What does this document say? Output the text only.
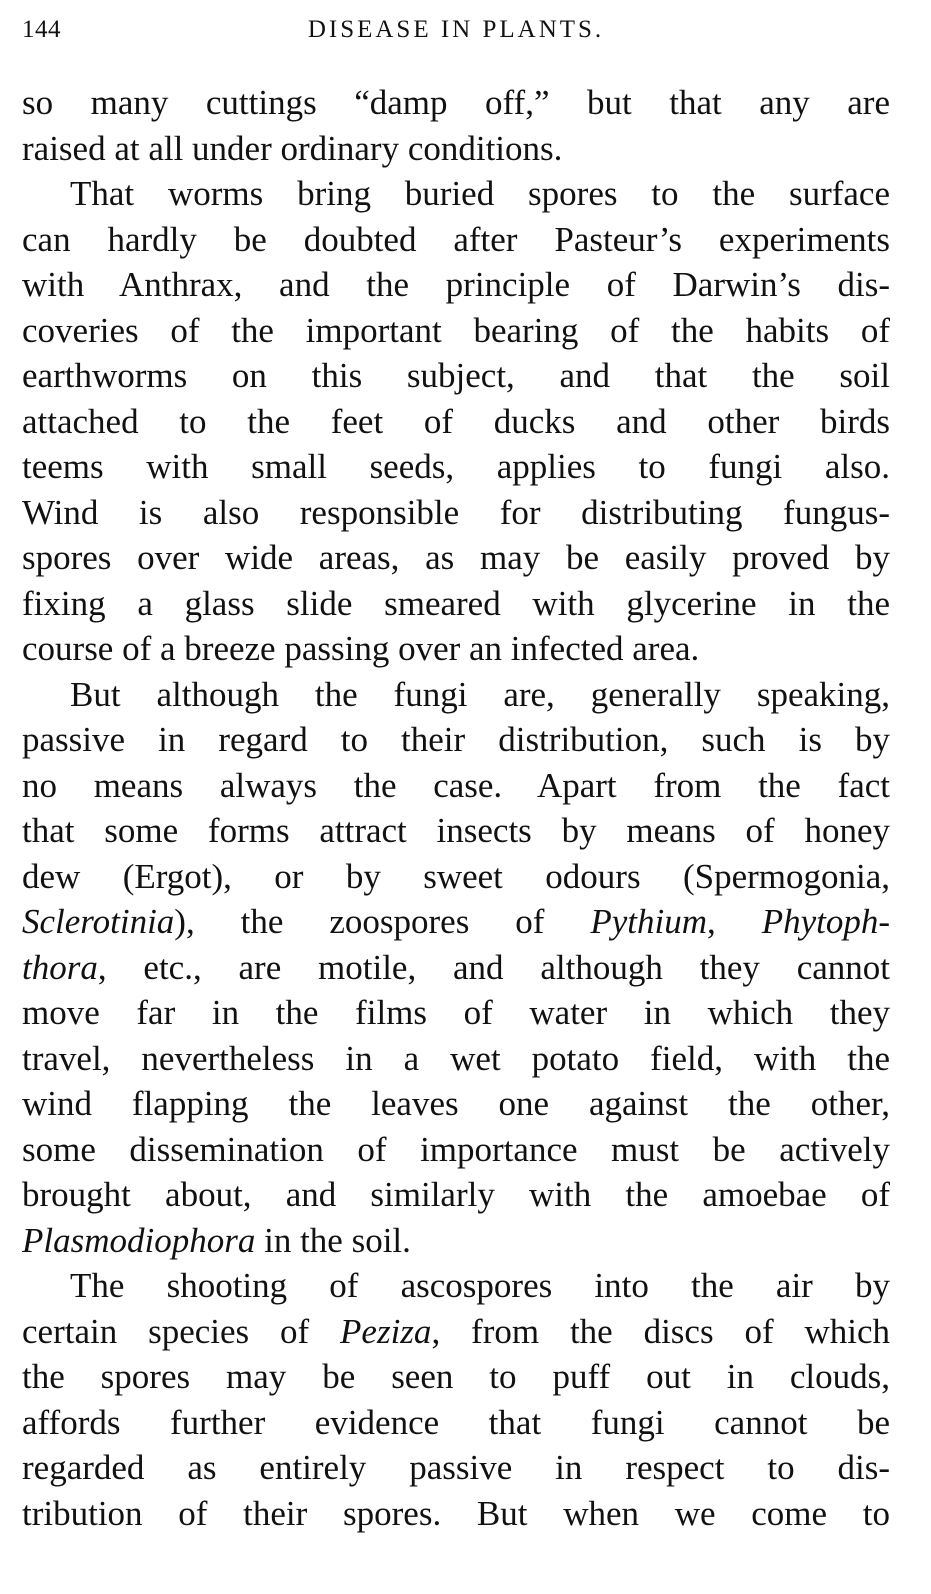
144	DISEASE IN PLANTS.
so many cuttings “damp off,” but that any are
raised at all under ordinary conditions.
That worms bring buried spores to the surface
can hardly be doubted after Pasteur’s experiments
with Anthrax, and the principle of Darwin’s dis-
coveries of the important bearing of the habits of
earthworms on this subject, and that the soil
attached to the feet of ducks and other birds
teems with small seeds, applies to fungi also.
Wind is also responsible for distributing fungus-
spores over wide areas, as may be easily proved by
fixing a glass slide smeared with glycerine in the
course of a breeze passing over an infected area.
But although the fungi are, generally speaking,
passive in regard to their distribution, such is by
no means always the case. Apart from the fact
that some forms attract insects by means of honey
dew (Ergot), or by sweet odours (Spermogonia,
Sclerotinia), the zoospores of Pythium, Phytoph-
thora, etc., are motile, and although they cannot
move far in the films of water in which they
travel, nevertheless in a wet potato field, with the
wind flapping the leaves one against the other,
some dissemination of importance must be actively
brought about, and similarly with the amoebae of
Plasmodiophora in the soil.
The shooting of ascospores into the air by
certain species of Peziza, from the discs of which
the spores may be seen to puff out in clouds,
affords further evidence that fungi cannot be
regarded as entirely passive in respect to dis-
tribution of their spores. But when we come to
